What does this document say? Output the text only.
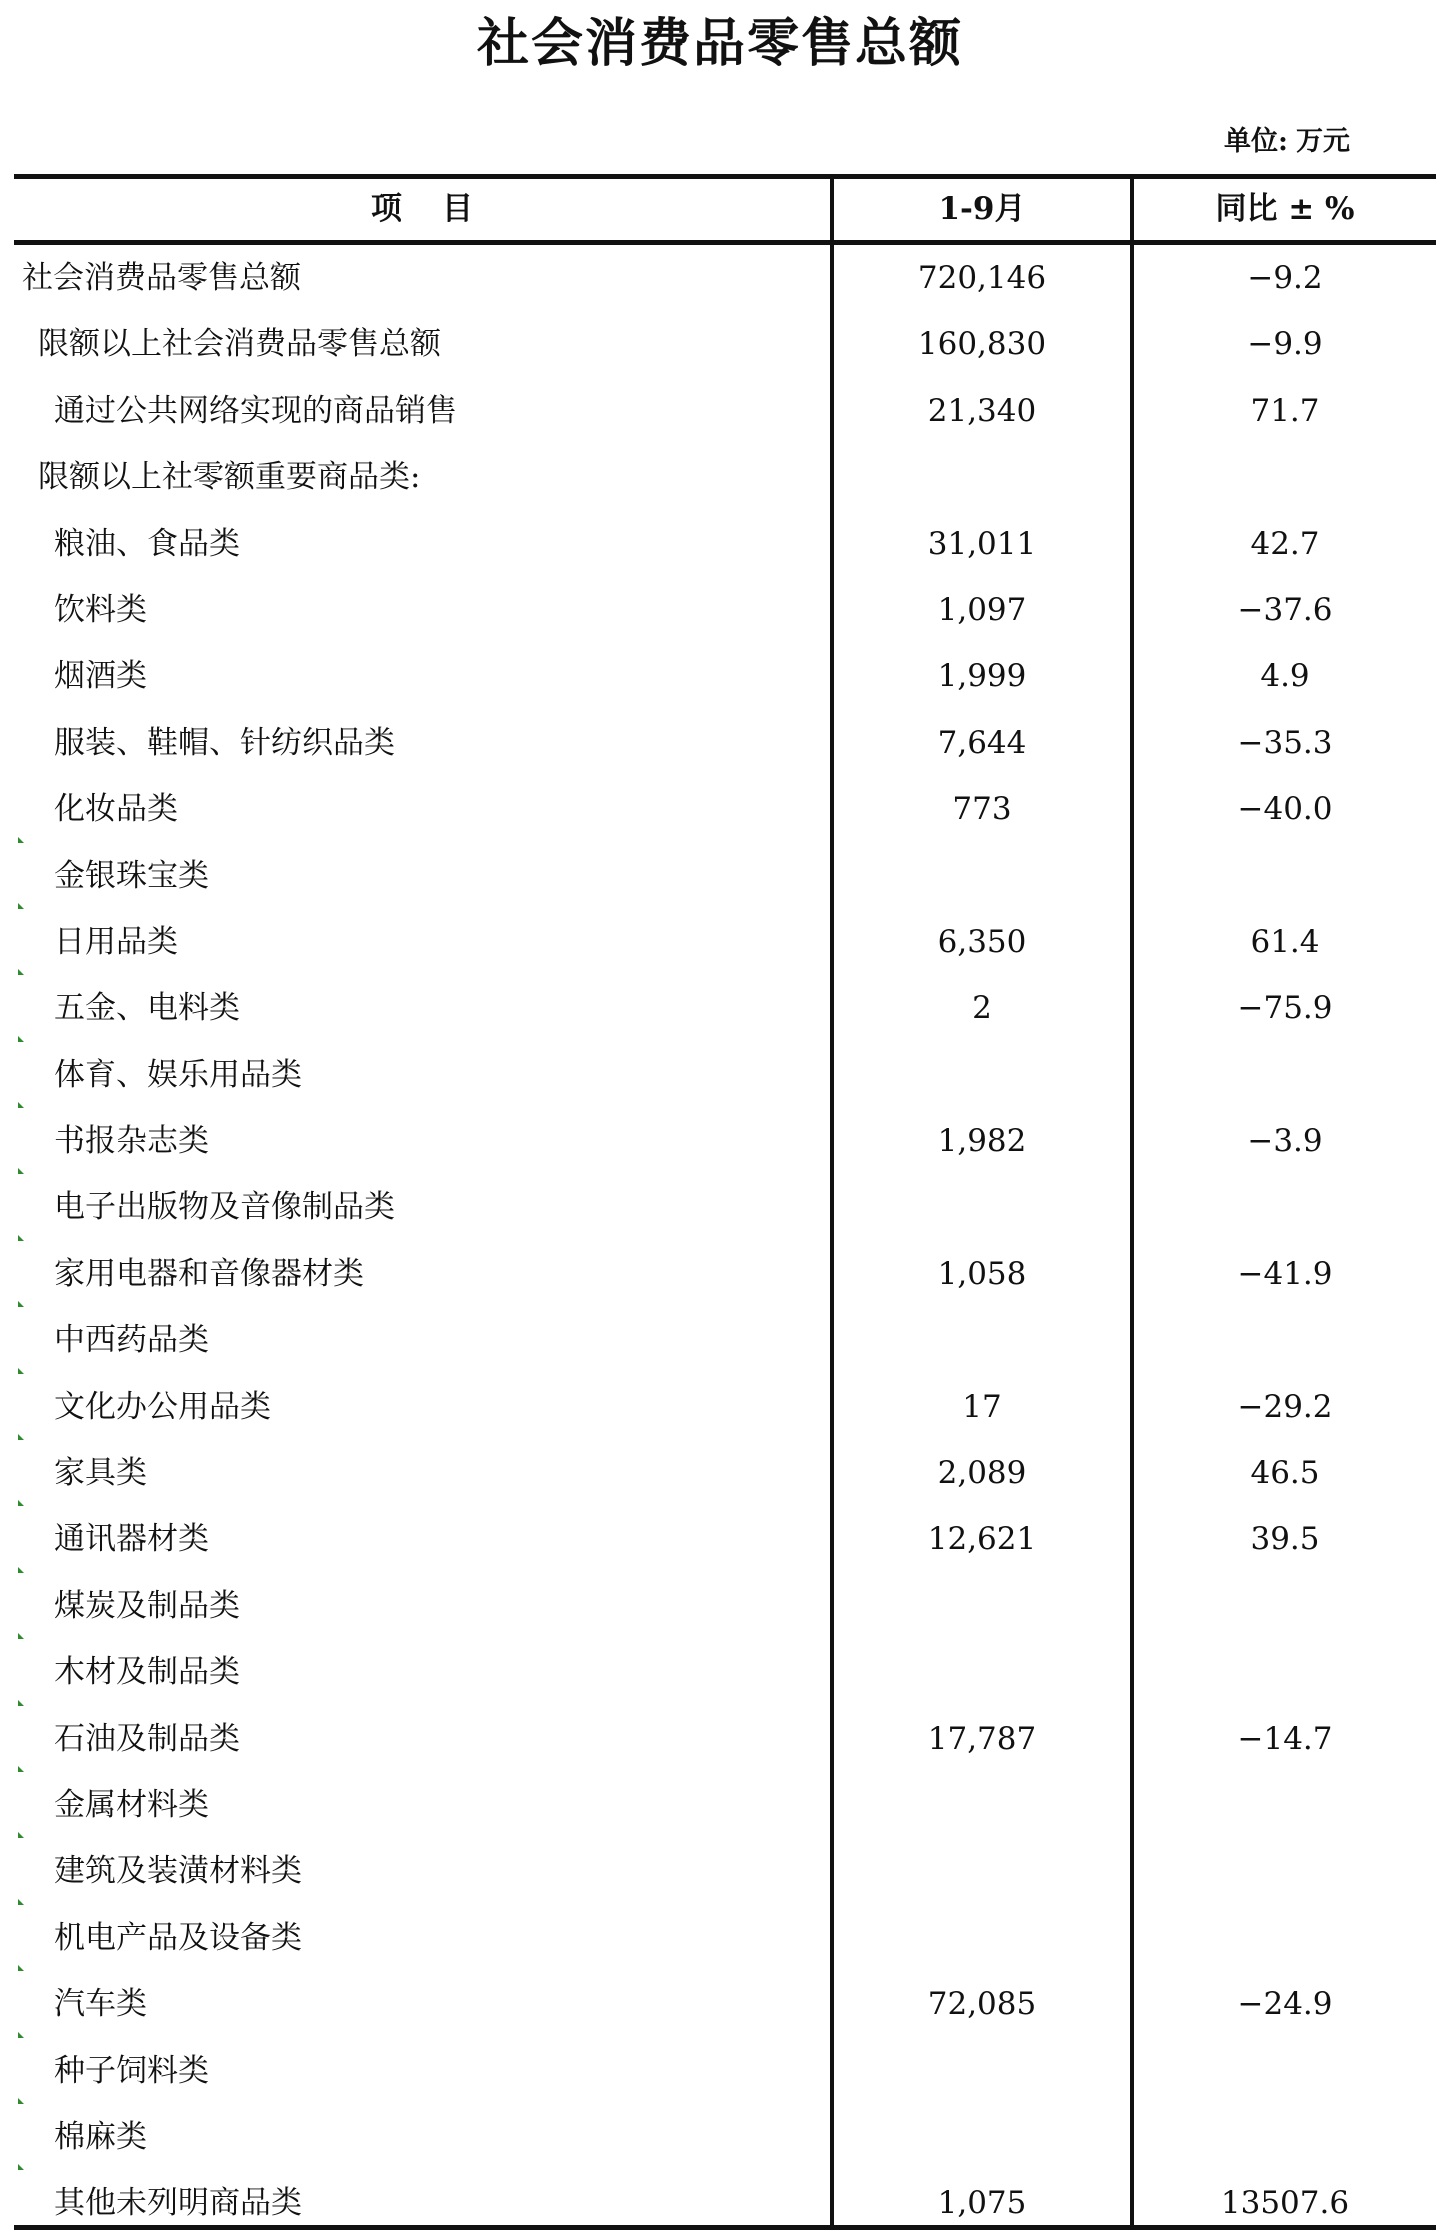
社会消费品零售总额
单位: 万元
项目	1-9月	同比 ± %
社会消费品零售总额	720,146	−9.2
限额以上社会消费品零售总额	160,830	−9.9
通过公共网络实现的商品销售	21,340	71.7
限额以上社零额重要商品类:
粮油、食品类	31,011	42.7
饮料类	1,097	−37.6
烟酒类	1,999	4.9
服装、鞋帽、针纺织品类	7,644	−35.3
化妆品类	773	−40.0
金银珠宝类
日用品类	6,350	61.4
五金、电料类	2	−75.9
体育、娱乐用品类
书报杂志类	1,982	−3.9
电子出版物及音像制品类
家用电器和音像器材类	1,058	−41.9
中西药品类
文化办公用品类	17	−29.2
家具类	2,089	46.5
通讯器材类	12,621	39.5
煤炭及制品类
木材及制品类
石油及制品类	17,787	−14.7
金属材料类
建筑及装潢材料类
机电产品及设备类
汽车类	72,085	−24.9
种子饲料类
棉麻类
其他未列明商品类	1,075	13507.6
